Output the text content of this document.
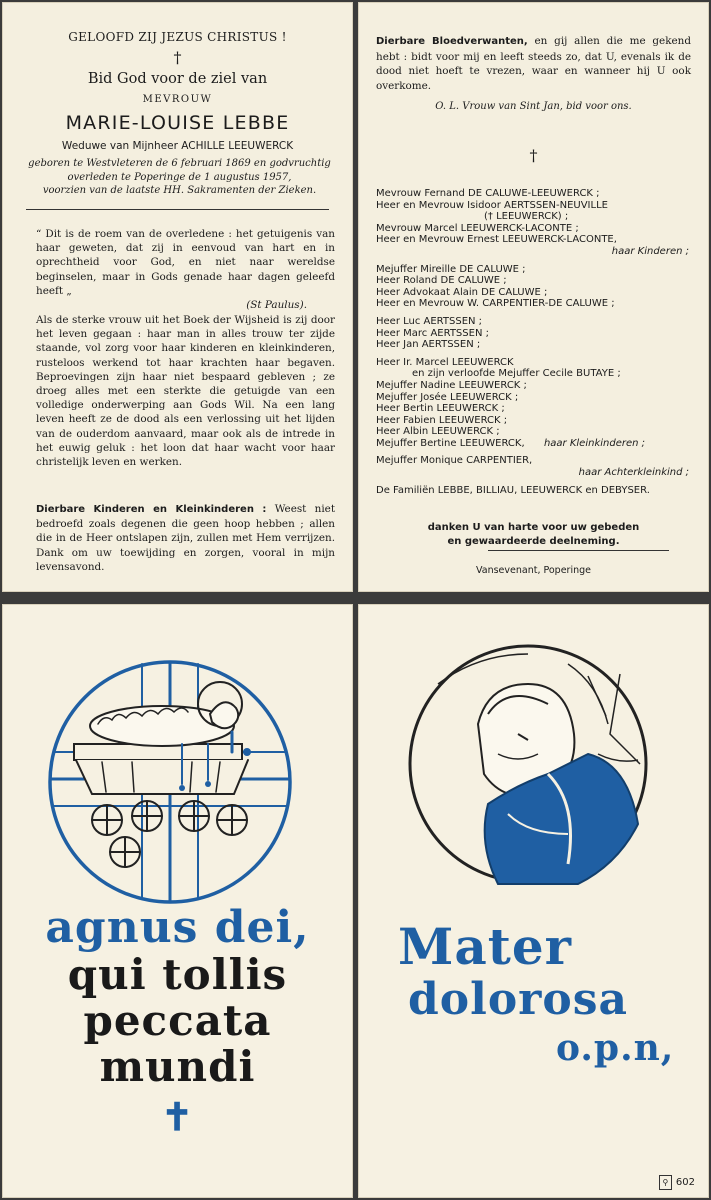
GELOOFD ZIJ JEZUS CHRISTUS !
†
Bid God voor de ziel van
MEVROUW
MARIE-LOUISE LEBBE
Weduwe van Mijnheer ACHILLE LEEUWERCK
geboren te Westvleteren de 6 februari 1869 en godvruchtig
overleden te Poperinge de 1 augustus 1957,
voorzien van de laatste HH. Sakramenten der Zieken.
“ Dit is de roem van de overledene : het getuigenis van haar geweten, dat zij in eenvoud van hart en in oprechtheid voor God, en niet naar wereldse beginselen, maar in Gods genade haar dagen geleefd heeft „
(St Paulus).
Als de sterke vrouw uit het Boek der Wijsheid is zij door het leven gegaan : haar man in alles trouw ter zijde staande, vol zorg voor haar kinderen en kleinkinderen, rusteloos werkend tot haar krachten haar begaven. Beproevingen zijn haar niet bespaard gebleven ; ze droeg alles met een sterkte die getuigde van een volledige onderwerping aan Gods Wil. Na een lang leven heeft ze de dood als een verlossing uit het lijden van de ouderdom aanvaard, maar ook als de intrede in het euwig geluk : het loon dat haar wacht voor haar christelijk leven en werken.
Dierbare Kinderen en Kleinkinderen : Weest niet bedroefd zoals degenen die geen hoop hebben ; allen die in de Heer ontslapen zijn, zullen met Hem verrijzen. Dank om uw toewijding en zorgen, vooral in mijn levensavond.
Dierbare Bloedverwanten, en gij allen die me gekend hebt : bidt voor mij en leeft steeds zo, dat U, evenals ik de dood niet hoeft te vrezen, waar en wanneer hij U ook overkome.
O. L. Vrouw van Sint Jan, bid voor ons.
†
Mevrouw Fernand DE CALUWE-LEEUWERCK ;
Heer en Mevrouw Isidoor AERTSSEN-NEUVILLE
(† LEEUWERCK) ;
Mevrouw Marcel LEEUWERCK-LACONTE ;
Heer en Mevrouw Ernest LEEUWERCK-LACONTE,
haar Kinderen ;
Mejuffer Mireille DE CALUWE ;
Heer Roland DE CALUWE ;
Heer Advokaat Alain DE CALUWE ;
Heer en Mevrouw W. CARPENTIER-DE CALUWE ;
Heer Luc AERTSSEN ;
Heer Marc AERTSSEN ;
Heer Jan AERTSSEN ;
Heer Ir. Marcel LEEUWERCK
en zijn verloofde Mejuffer Cecile BUTAYE ;
Mejuffer Nadine LEEUWERCK ;
Mejuffer Josée LEEUWERCK ;
Heer Bertin LEEUWERCK ;
Heer Fabien LEEUWERCK ;
Heer Albin LEEUWERCK ;
Mejuffer Bertine LEEUWERCK, haar Kleinkinderen ;
Mejuffer Monique CARPENTIER,
haar Achterkleinkind ;
De Familiën LEBBE, BILLIAU, LEEUWERCK en DEBYSER.
danken U van harte voor uw gebeden
en gewaardeerde deelneming.
Vansevenant, Poperinge
agnus dei,
qui tollis
peccata
mundi
✝
Mater
dolorosa
o.p.n,
⚲ 602
